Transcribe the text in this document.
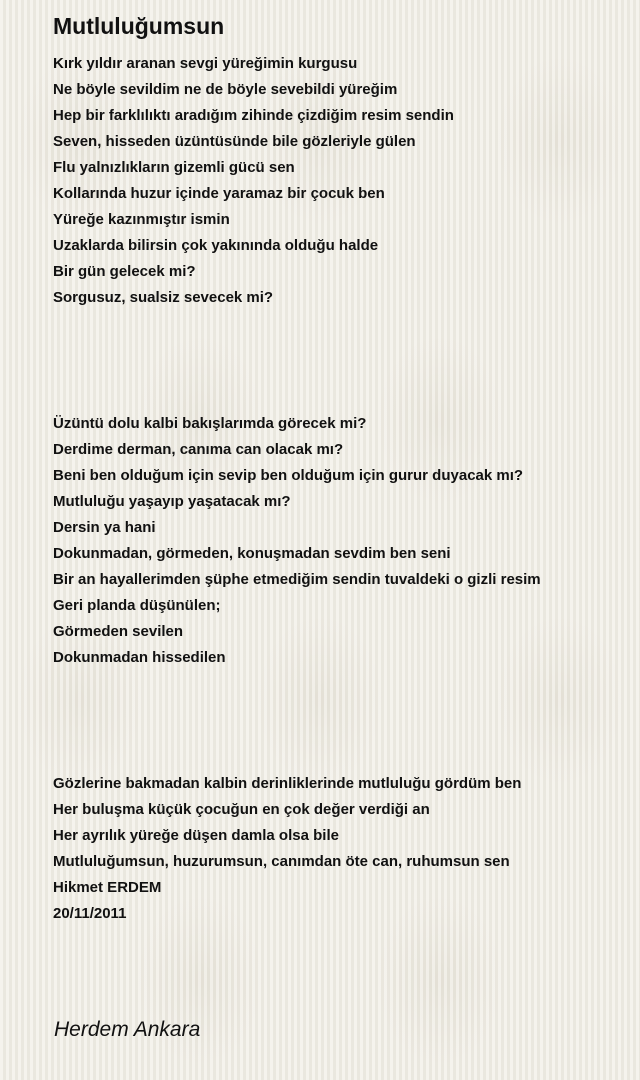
Mutluluğumsun
Kırk yıldır aranan sevgi yüreğimin kurgusu
Ne böyle sevildim ne de böyle sevebildi yüreğim
Hep bir farklılıktı aradığım zihinde çizdiğim resim sendin
Seven, hisseden üzüntüsünde bile gözleriyle gülen
Flu yalnızlıkların gizemli gücü sen
Kollarında huzur içinde yaramaz bir çocuk ben
Yüreğe kazınmıştır ismin
Uzaklarda bilirsin çok yakınında olduğu halde
Bir gün gelecek mi?
Sorgusuz, sualsiz sevecek mi?
Üzüntü dolu kalbi bakışlarımda görecek mi?
Derdime derman, canıma can olacak mı?
Beni ben olduğum için sevip ben olduğum için gurur duyacak mı?
Mutluluğu yaşayıp yaşatacak mı?
Dersin ya hani
Dokunmadan, görmeden, konuşmadan sevdim ben seni
Bir an hayallerimden şüphe etmediğim sendin tuvaldeki o gizli resim
Geri planda düşünülen;
Görmeden sevilen
Dokunmadan hissedilen
Gözlerine bakmadan kalbin derinliklerinde mutluluğu gördüm ben
Her buluşma küçük çocuğun en çok değer verdiği an
Her ayrılık yüreğe düşen damla olsa bile
Mutluluğumsun, huzurumsun, canımdan öte can, ruhumsun sen
Hikmet ERDEM
20/11/2011
Herdem Ankara
